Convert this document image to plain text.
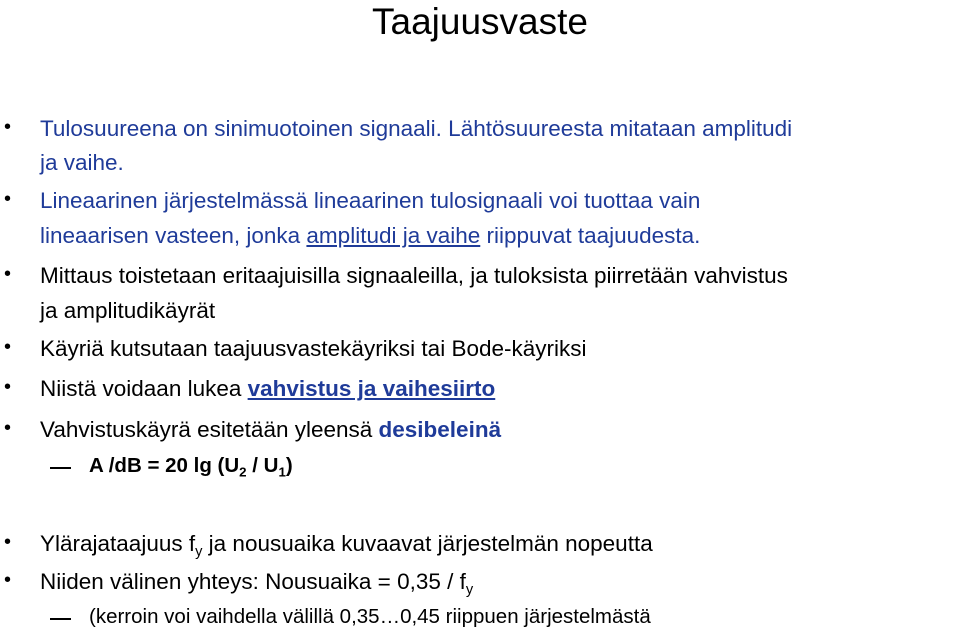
Taajuusvaste
• Tulosuureena on sinimuotoinen signaali. Lähtösuureesta mitataan amplitudi
ja vaihe.
• Lineaarinen järjestelmässä lineaarinen tulosignaali voi tuottaa vain
lineaarisen vasteen, jonka amplitudi ja vaihe riippuvat taajuudesta.
• Mittaus toistetaan eritaajuisilla signaaleilla, ja tuloksista piirretään vahvistus
ja amplitudikäyrät
• Käyriä kutsutaan taajuusvastekäyriksi tai Bode-käyriksi
• Niistä voidaan lukea vahvistus ja vaihesiirto
• Vahvistuskäyrä esitetään yleensä desibeleinä
A /dB = 20 $\lg (U_2 / U_1)$
• Ylärajataajuus $f_y$ ja nousuaika kuvaavat järjestelmän nopeutta
• Niiden välinen yhteys: Nousuaika = $0,35 / f_y$
(kerroin voi vaihdella välillä 0,35…0,45 riippuen järjestelmästä
